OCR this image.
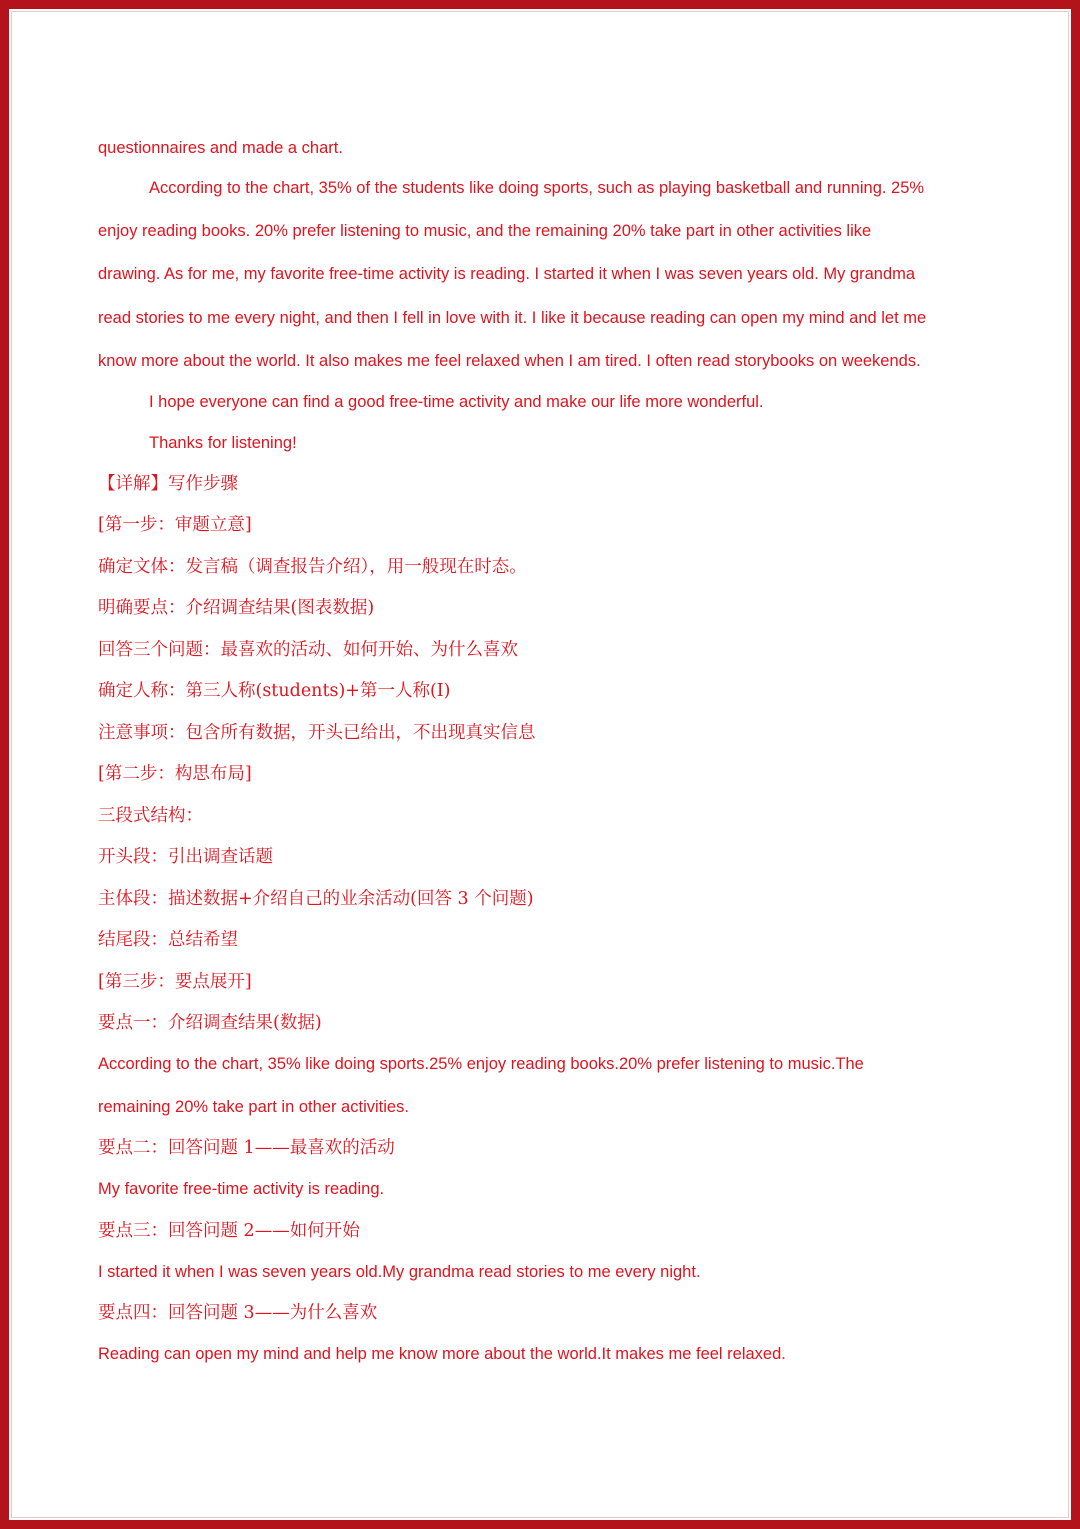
questionnaires and made a chart.
According to the chart, 35% of the students like doing sports, such as playing basketball and running. 25%
enjoy reading books. 20% prefer listening to music, and the remaining 20% take part in other activities like
drawing. As for me, my favorite free-time activity is reading. I started it when I was seven years old. My grandma
read stories to me every night, and then I fell in love with it. I like it because reading can open my mind and let me
know more about the world. It also makes me feel relaxed when I am tired. I often read storybooks on weekends.
I hope everyone can find a good free-time activity and make our life more wonderful.
Thanks for listening!
【详解】写作步骤
[第一步：审题立意]
确定文体：发言稿（调查报告介绍），用一般现在时态。
明确要点：介绍调查结果(图表数据)
回答三个问题：最喜欢的活动、如何开始、为什么喜欢
确定人称：第三人称(students)+第一人称(I)
注意事项：包含所有数据，开头已给出，不出现真实信息
[第二步：构思布局]
三段式结构：
开头段：引出调查话题
主体段：描述数据+介绍自己的业余活动(回答 3 个问题)
结尾段：总结希望
[第三步：要点展开]
要点一：介绍调查结果(数据)
According to the chart, 35% like doing sports.25% enjoy reading books.20% prefer listening to music.The
remaining 20% take part in other activities.
要点二：回答问题 1——最喜欢的活动
My favorite free-time activity is reading.
要点三：回答问题 2——如何开始
I started it when I was seven years old.My grandma read stories to me every night.
要点四：回答问题 3——为什么喜欢
Reading can open my mind and help me know more about the world.It makes me feel relaxed.
